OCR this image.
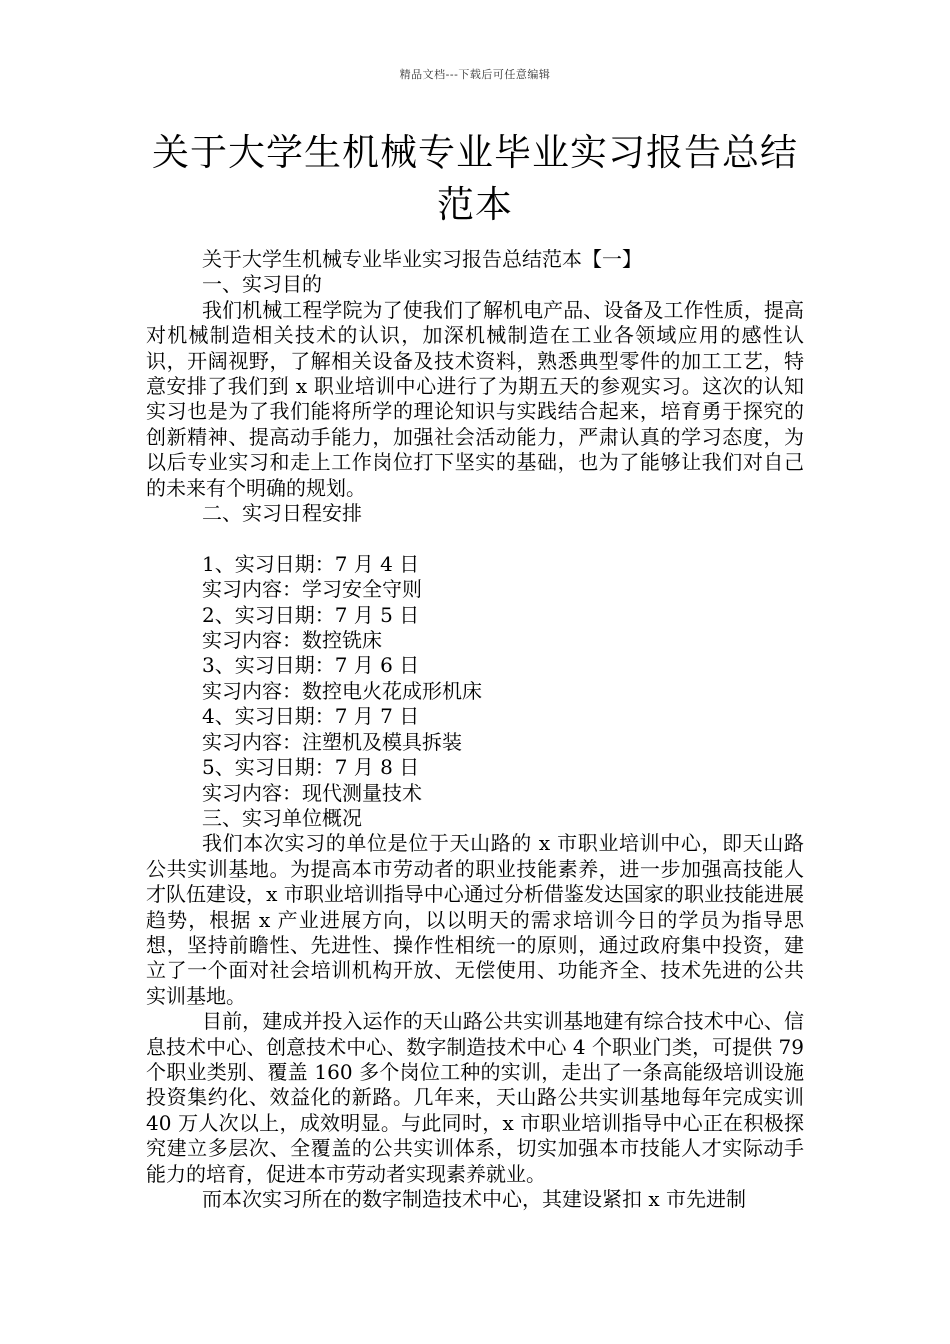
精品文档---下载后可任意编辑
关于大学生机械专业毕业实习报告总结范本

关于大学生机械专业毕业实习报告总结范本【一】

一、实习目的

我们机械工程学院为了使我们了解机电产品、设备及工作性质，提高对机械制造相关技术的认识，加深机械制造在工业各领域应用的感性认识，开阔视野，了解相关设备及技术资料，熟悉典型零件的加工工艺，特意安排了我们到 x 职业培训中心进行了为期五天的参观实习。这次的认知实习也是为了我们能将所学的理论知识与实践结合起来，培育勇于探究的创新精神、提高动手能力，加强社会活动能力，严肃认真的学习态度，为以后专业实习和走上工作岗位打下坚实的基础，也为了能够让我们对自己的未来有个明确的规划。

二、实习日程安排

1、实习日期：7 月 4 日

实习内容：学习安全守则

2、实习日期：7 月 5 日

实习内容：数控铣床

3、实习日期：7 月 6 日

实习内容：数控电火花成形机床

4、实习日期：7 月 7 日

实习内容：注塑机及模具拆装

5、实习日期：7 月 8 日

实习内容：现代测量技术

三、实习单位概况

我们本次实习的单位是位于天山路的 x 市职业培训中心，即天山路公共实训基地。为提高本市劳动者的职业技能素养，进一步加强高技能人才队伍建设，x 市职业培训指导中心通过分析借鉴发达国家的职业技能进展趋势，根据 x 产业进展方向，以以明天的需求培训今日的学员为指导思想，坚持前瞻性、先进性、操作性相统一的原则，通过政府集中投资，建立了一个面对社会培训机构开放、无偿使用、功能齐全、技术先进的公共实训基地。

目前，建成并投入运作的天山路公共实训基地建有综合技术中心、信息技术中心、创意技术中心、数字制造技术中心 4 个职业门类，可提供 79 个职业类别、覆盖 160 多个岗位工种的实训，走出了一条高能级培训设施投资集约化、效益化的新路。几年来，天山路公共实训基地每年完成实训 40 万人次以上，成效明显。与此同时，x 市职业培训指导中心正在积极探究建立多层次、全覆盖的公共实训体系，切实加强本市技能人才实际动手能力的培育，促进本市劳动者实现素养就业。

而本次实习所在的数字制造技术中心，其建设紧扣 x 市先进制
